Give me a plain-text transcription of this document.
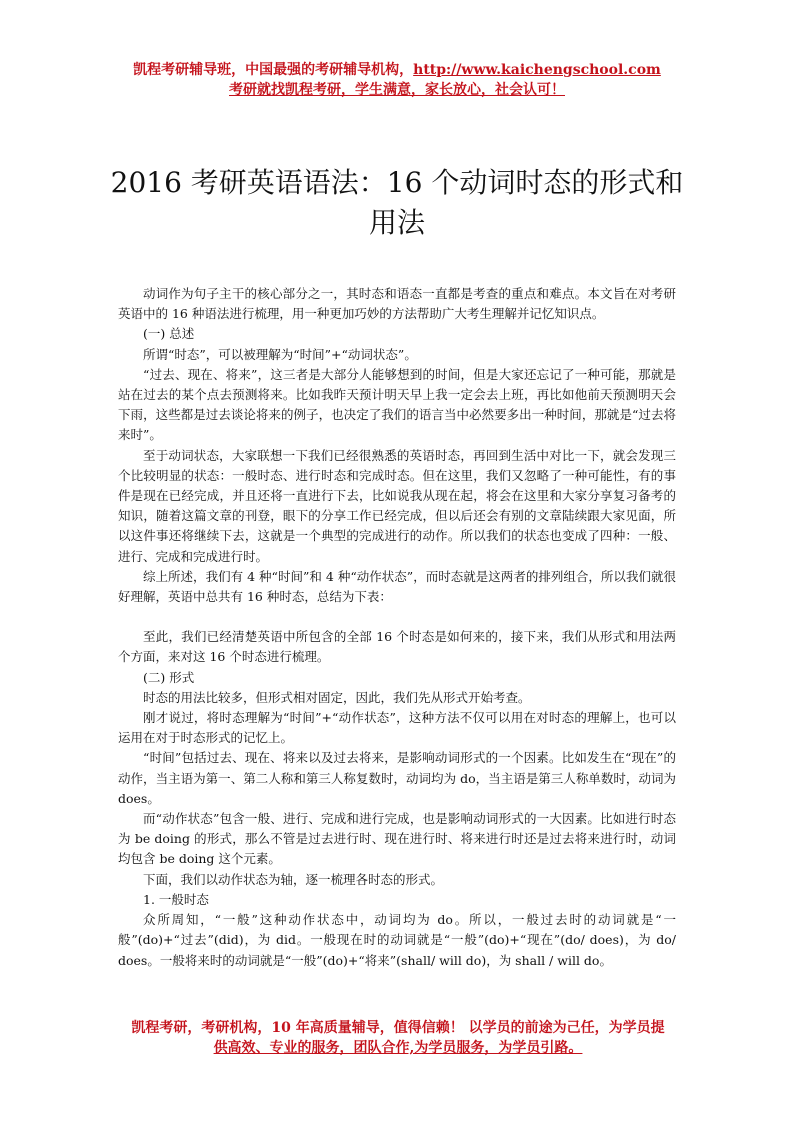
凯程考研辅导班，中国最强的考研辅导机构，http://www.kaichengschool.com
考研就找凯程考研，学生满意，家长放心，社会认可！
2016 考研英语语法：16 个动词时态的形式和用法

动词作为句子主干的核心部分之一，其时态和语态一直都是考查的重点和难点。本文旨在对考研英语中的 16 种语法进行梳理，用一种更加巧妙的方法帮助广大考生理解并记忆知识点。

(一) 总述

所谓“时态”，可以被理解为“时间”+“动词状态”。

“过去、现在、将来”，这三者是大部分人能够想到的时间，但是大家还忘记了一种可能，那就是站在过去的某个点去预测将来。比如我昨天预计明天早上我一定会去上班，再比如他前天预测明天会下雨，这些都是过去谈论将来的例子，也决定了我们的语言当中必然要多出一种时间，那就是“过去将来时”。

至于动词状态，大家联想一下我们已经很熟悉的英语时态，再回到生活中对比一下，就会发现三个比较明显的状态：一般时态、进行时态和完成时态。但在这里，我们又忽略了一种可能性，有的事件是现在已经完成，并且还将一直进行下去，比如说我从现在起，将会在这里和大家分享复习备考的知识，随着这篇文章的刊登，眼下的分享工作已经完成，但以后还会有别的文章陆续跟大家见面，所以这件事还将继续下去，这就是一个典型的完成进行的动作。所以我们的状态也变成了四种：一般、进行、完成和完成进行时。

综上所述，我们有 4 种“时间”和 4 种“动作状态”，而时态就是这两者的排列组合，所以我们就很好理解，英语中总共有 16 种时态，总结为下表：

至此，我们已经清楚英语中所包含的全部 16 个时态是如何来的，接下来，我们从形式和用法两个方面，来对这 16 个时态进行梳理。

(二) 形式

时态的用法比较多，但形式相对固定，因此，我们先从形式开始考查。

刚才说过，将时态理解为“时间”+“动作状态”，这种方法不仅可以用在对时态的理解上，也可以运用在对于时态形式的记忆上。

“时间”包括过去、现在、将来以及过去将来，是影响动词形式的一个因素。比如发生在“现在”的动作，当主语为第一、第二人称和第三人称复数时，动词均为 do，当主语是第三人称单数时，动词为 does。

而“动作状态”包含一般、进行、完成和进行完成，也是影响动词形式的一大因素。比如进行时态为 be doing 的形式，那么不管是过去进行时、现在进行时、将来进行时还是过去将来进行时，动词均包含 be doing 这个元素。

下面，我们以动作状态为轴，逐一梳理各时态的形式。

1. 一般时态

众所周知，“一般”这种动作状态中，动词均为 do。所以，一般过去时的动词就是“一般”(do)+“过去”(did)，为 did。一般现在时的动词就是“一般”(do)+“现在”(do/ does)，为 do/ does。一般将来时的动词就是“一般”(do)+“将来”(shall/ will do)，为 shall / will do。

凯程考研，考研机构，10 年高质量辅导，值得信赖！ 以学员的前途为己任，为学员提
供高效、专业的服务，团队合作,为学员服务，为学员引路。
